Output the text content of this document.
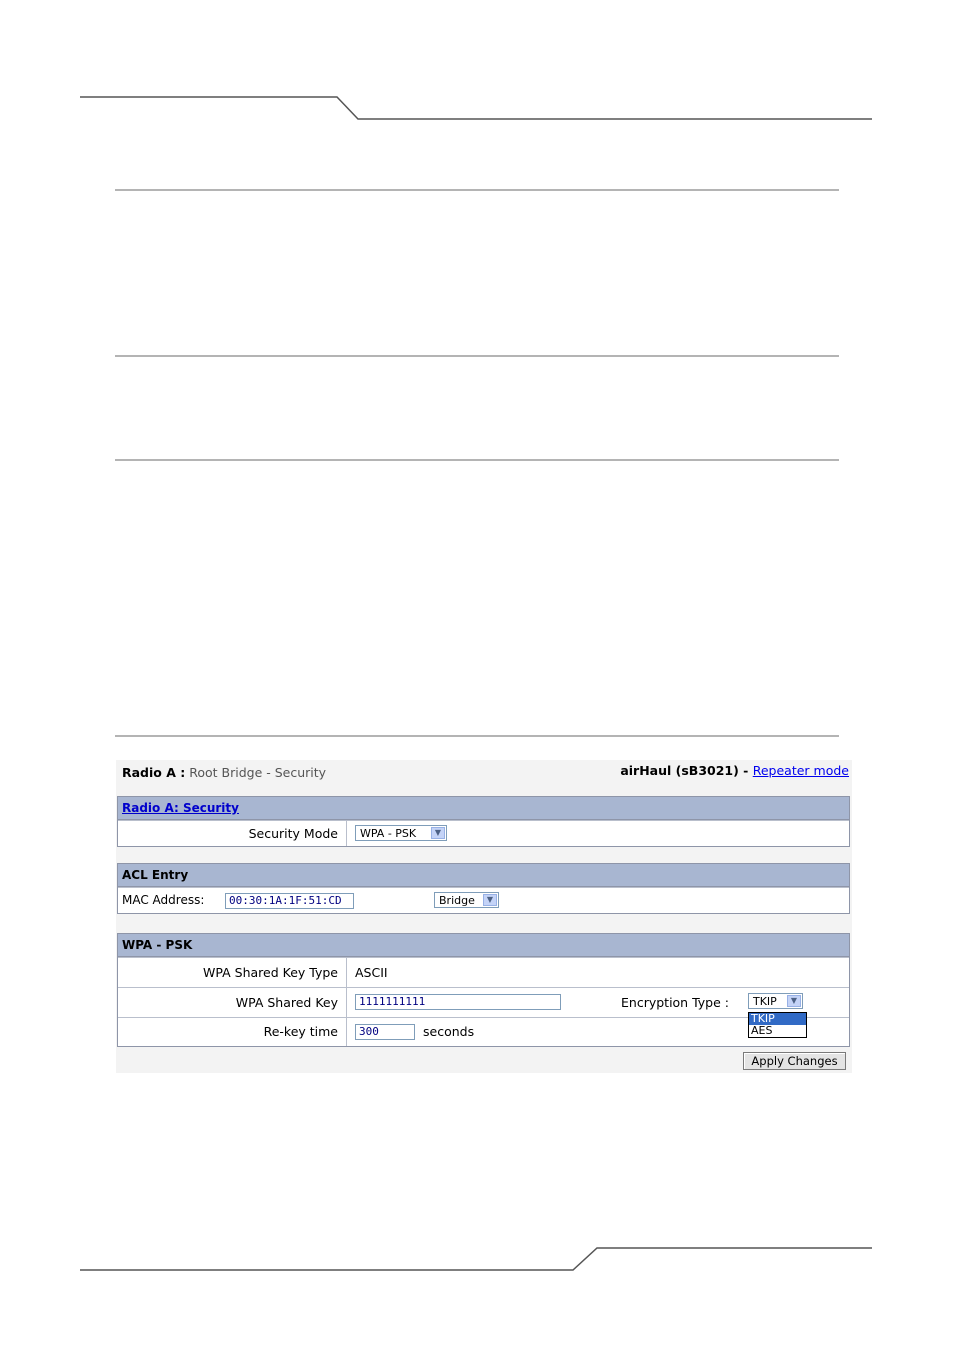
Radio A : Root Bridge - Security	airHaul (sB3021) - Repeater mode
Radio A: Security
Security Mode	WPA - PSK	▼
ACL Entry
MAC Address:	00:30:1A:1F:51:CD	Bridge	▼
WPA - PSK
WPA Shared Key Type	ASCII
WPA Shared Key	1111111111	Encryption Type :	TKIP	▼
Re-key time	300	seconds
TKIP
AES
Apply Changes
